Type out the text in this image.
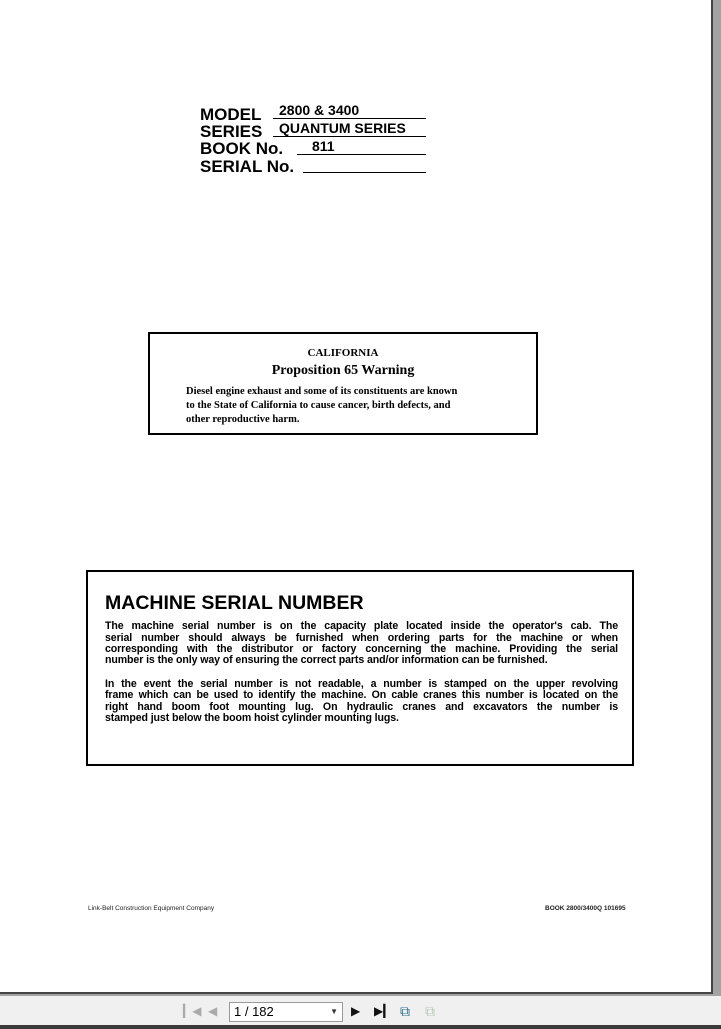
MODEL	2800 & 3400
SERIES	QUANTUM SERIES
BOOK No.	811
SERIAL No.
CALIFORNIA
Proposition 65 Warning
Diesel engine exhaust and some of its constituents are known
to the State of California to cause cancer, birth defects, and
other reproductive harm.
MACHINE SERIAL NUMBER
The machine serial number is on the capacity plate located inside the operator's cab. The
serial number should always be furnished when ordering parts for the machine or when
corresponding with the distributor or factory concerning the machine. Providing the serial
number is the only way of ensuring the correct parts and/or information can be furnished.
In the event the serial number is not readable, a number is stamped on the upper revolving
frame which can be used to identify the machine. On cable cranes this number is located on the
right hand boom foot mounting lug. On hydraulic cranes and excavators the number is
stamped just below the boom hoist cylinder mounting lugs.
Link-Belt Construction Equipment Company	BOOK 2800/3400Q 101695
▎◀ ◀	▶ ▶▎ ⧉ ⧉
1 / 182	▼
